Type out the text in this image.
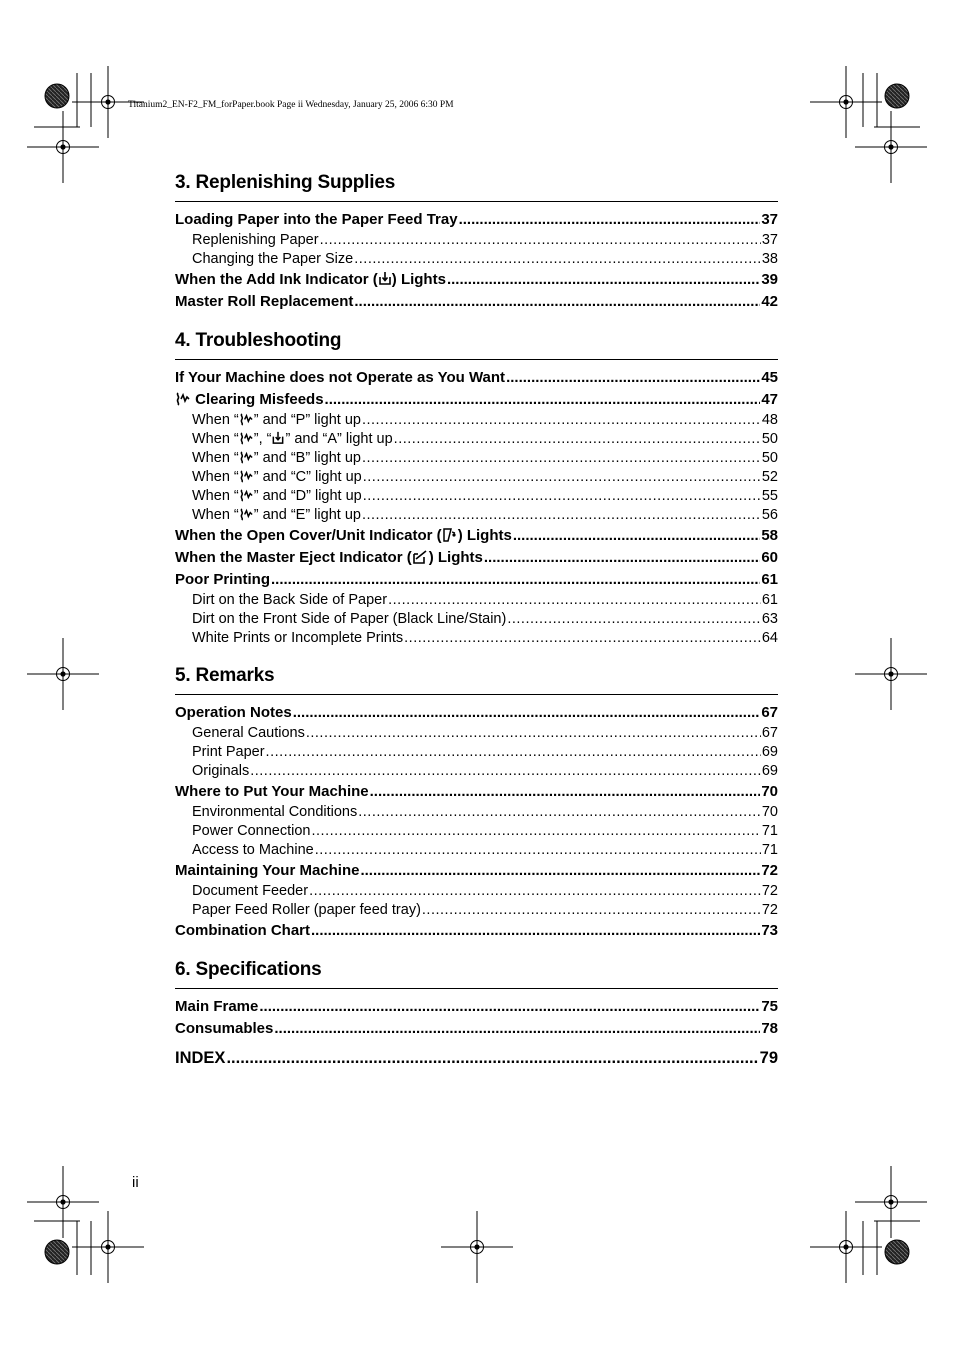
Titanium2_EN-F2_FM_forPaper.book Page ii Wednesday, January 25, 2006 6:30 PM
3. Replenishing Supplies
Loading Paper into the Paper Feed Tray .....	37
Replenishing Paper .....	37
Changing the Paper Size .....	38
When the Add Ink Indicator ( ) Lights .....	39
Master Roll Replacement .....	42
4. Troubleshooting
If Your Machine does not Operate as You Want .....	45
Clearing Misfeeds .....	47
When “ ” and “P” light up .....	48
When “ ”, “ ” and “A” light up .....	50
When “ ” and “B” light up .....	50
When “ ” and “C” light up .....	52
When “ ” and “D” light up .....	55
When “ ” and “E” light up .....	56
When the Open Cover/Unit Indicator ( ) Lights .....	58
When the Master Eject Indicator ( ) Lights .....	60
Poor Printing .....	61
Dirt on the Back Side of Paper .....	61
Dirt on the Front Side of Paper (Black Line/Stain) .....	63
White Prints or Incomplete Prints .....	64
5. Remarks
Operation Notes .....	67
General Cautions .....	67
Print Paper .....	69
Originals .....	69
Where to Put Your Machine .....	70
Environmental Conditions .....	70
Power Connection .....	71
Access to Machine .....	71
Maintaining Your Machine .....	72
Document Feeder .....	72
Paper Feed Roller (paper feed tray) .....	72
Combination Chart .....	73
6. Specifications
Main Frame .....	75
Consumables .....	78
INDEX .....	79
ii
